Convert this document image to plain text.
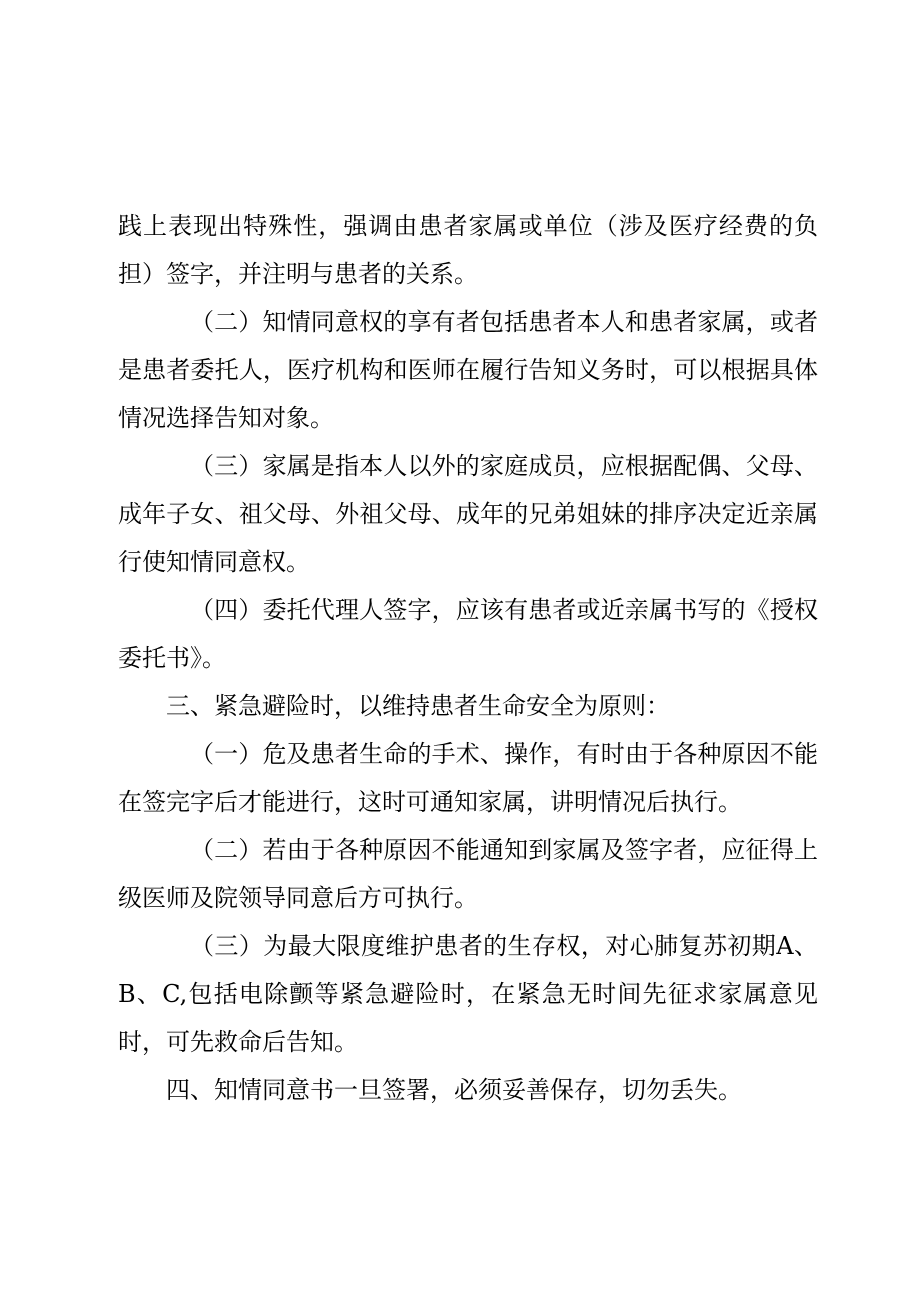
践上表现出特殊性，强调由患者家属或单位（涉及医疗经费的负担）签字，并注明与患者的关系。

（二）知情同意权的享有者包括患者本人和患者家属，或者是患者委托人，医疗机构和医师在履行告知义务时，可以根据具体情况选择告知对象。

（三）家属是指本人以外的家庭成员，应根据配偶、父母、成年子女、祖父母、外祖父母、成年的兄弟姐妹的排序决定近亲属行使知情同意权。

（四）委托代理人签字，应该有患者或近亲属书写的《授权委托书》。

三、紧急避险时，以维持患者生命安全为原则：

（一）危及患者生命的手术、操作，有时由于各种原因不能在签完字后才能进行，这时可通知家属，讲明情况后执行。

（二）若由于各种原因不能通知到家属及签字者，应征得上级医师及院领导同意后方可执行。

（三）为最大限度维护患者的生存权，对心肺复苏初期A、B、C,包括电除颤等紧急避险时，在紧急无时间先征求家属意见时，可先救命后告知。

四、知情同意书一旦签署，必须妥善保存，切勿丢失。
